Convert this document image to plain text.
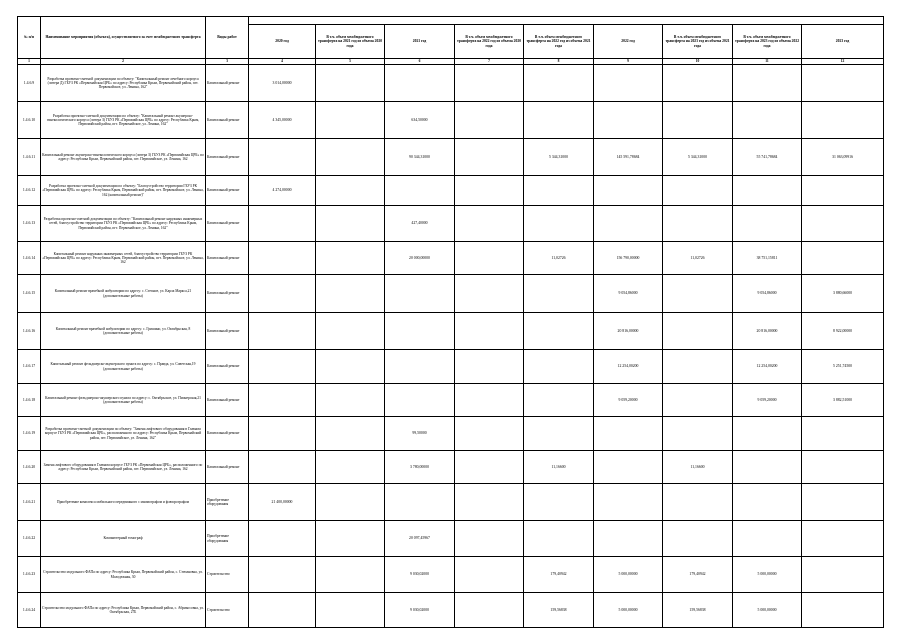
№ п/п	Наименование мероприятия (объекта), осуществляемого за счет межбюджетного трансферта	Виды работ									
			2020 год	В т.ч. объем межбюджетного трансферта на 2021 год из объема 2020 года	2021 год	В т.ч. объем межбюджетного трансферта на 2022 год из объема 2020 года	В т.ч. объем межбюджетного трансферта на 2022 год из объема 2021 года	2022 год	В т.ч. объем межбюджетного трансферта на 2023 год из объема 2021 года	В т.ч. объем межбюджетного трансферта на 2023 год из объема 2022 года	2023 год
1	2	3	4	5	6	7	8	9	10	11	12
1.4.6.9	Разработка проектно-сметной документации по объекту: "Капитальный ремонт лечебного корпуса (литера Д) ГБУЗ РК «Первомайская ЦРБ» по адресу: Республика Крым, Первомайский район, пгт. Первомайское, ул. Ленина, 162"	Капитальный ремонт	3 014,00000								
1.4.6.10	Разработка проектно-сметной документации по объекту: "Капитальный ремонт акушерско-гинекологического корпуса (литера З) ГБУЗ РК «Первомайская ЦРБ» по адресу: Республика Крым, Первомайский район, пгт. Первомайское, ул. Ленина, 162"	Капитальный ремонт	4 345,00000		634,50000						
1.4.6.11	Капитальный ремонт акушерско-гинекологического корпуса (литера З) ГБУЗ РК «Первомайская ЦРБ» по адресу: Республика Крым, Первомайский район, пгт. Первомайское, ул. Ленина, 162	Капитальный ремонт			90 344,31000		5 344,31000	145 591,78684	5 344,31000	55 741,78684	31 063,09916
1.4.6.12	Разработка проектно-сметной документации по объекту: "Благоустройство территории ГБУЗ РК «Первомайская ЦРБ» по адресу: Республика Крым, Первомайский район, пгт. Первомайское, ул. Ленина, 162 (капитальный ремонт)"	Капитальный ремонт	4 274,00000								
1.4.6.13	Разработка проектно-сметной документации по объекту: "Капитальный ремонт наружных инженерных сетей, благоустройство территории ГБУЗ РК «Первомайская ЦРБ» по адресу: Республика Крым, Первомайский район, пгт. Первомайское, ул. Ленина, 162"	Капитальный ремонт			427,40000						
1.4.6.14	Капитальный ремонт наружных инженерных сетей, благоустройство территории ГБУЗ РК «Первомайская ЦРБ» по адресу: Республика Крым, Первомайский район, пгт. Первомайское, ул. Ленина, 162	Капитальный ремонт			20 000,00000		11,02726	156 790,00000	11,02726	38 751,15811	
1.4.6.15	Капитальный ремонт врачебной амбулатории по адресу: с. Степное, ул. Карла Маркса,21 (дополнительные работы)	Капитальный ремонт						9 054,86000		9 054,86000	3 880,66000
1.4.6.16	Капитальный ремонт врачебной амбулатории по адресу: с. Гришино, ул. Октябрьская, 8 (дополнительные работы)	Капитальный ремонт						20 816,00000		20 816,00000	8 922,00000
1.4.6.17	Капитальный ремонт фельдшерско-акушерского пункта по адресу: с. Правда, ул. Советская,19 (дополнительные работы)	Капитальный ремонт						12 254,00200		12 254,00200	5 251,74500
1.4.6.18	Капитальный ремонт фельдшерско-акушерского пункта по адресу: с. Октябрьское, ул. Пионерская,21 (дополнительные работы)	Капитальный ремонт						9 059,20000		9 059,20000	3 882,51000
1.4.6.19	Разработка проектно-сметной документации по объекту: "Замена лифтового оборудования в Главном корпусе ГБУЗ РК «Первомайская ЦРБ», расположенного по адресу: Республика Крым, Первомайский район, пгт. Первомайское, ул. Ленина, 162"	Капитальный ремонт			99,50000						
1.4.6.20	Замена лифтового оборудования в Главном корпусе ГБУЗ РК «Первомайская ЦРБ», расположенного по адресу: Республика Крым, Первомайский район, пгт. Первомайское, ул. Ленина, 162	Капитальный ремонт			3 780,00000		11,16600		11,16600		
1.4.6.21	Приобретение комплекса мобильного передвижного с маммографом и флюорографом	Приобретение оборудования	21 400,00000								
1.4.6.22	Компьютерный томограф	Приобретение оборудования			20 097,45967						
1.4.6.23	Строительство модульного ФАПа по адресу: Республика Крым, Первомайский район, с. Степановка, ул. Молодежная, 30	Строительство			9 030,02000		179,40942	5 000,00000	179,40942	5 000,00000	
1.4.6.24	Строительство модульного ФАПа по адресу: Республика Крым, Первомайский район, с. Абрикосовка, ул. Октябрьская, 27Б	Строительство			9 030,02000		159,56838	5 000,00000	159,56838	5 000,00000	
